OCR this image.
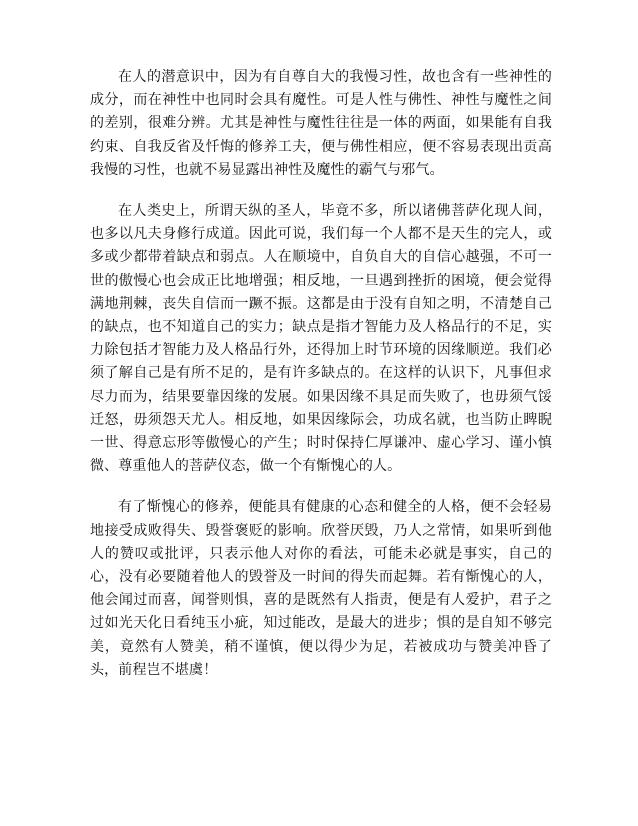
在人的潜意识中，因为有自尊自大的我慢习性，故也含有一些神性的成分，而在神性中也同时会具有魔性。可是人性与佛性、神性与魔性之间的差别，很难分辨。尤其是神性与魔性往往是一体的两面，如果能有自我约束、自我反省及忏悔的修养工夫，便与佛性相应，便不容易表现出贡高我慢的习性，也就不易显露出神性及魔性的霸气与邪气。

在人类史上，所谓天纵的圣人，毕竟不多，所以诸佛菩萨化现人间，也多以凡夫身修行成道。因此可说，我们每一个人都不是天生的完人，或多或少都带着缺点和弱点。人在顺境中，自负自大的自信心越强，不可一世的傲慢心也会成正比地增强；相反地，一旦遇到挫折的困境，便会觉得满地荆棘，丧失自信而一蹶不振。这都是由于没有自知之明，不清楚自己的缺点，也不知道自己的实力；缺点是指才智能力及人格品行的不足，实力除包括才智能力及人格品行外，还得加上时节环境的因缘顺逆。我们必须了解自己是有所不足的，是有许多缺点的。在这样的认识下，凡事但求尽力而为，结果要靠因缘的发展。如果因缘不具足而失败了，也毋须气馁迁怒，毋须怨天尤人。相反地，如果因缘际会，功成名就，也当防止睥睨一世、得意忘形等傲慢心的产生；时时保持仁厚谦冲、虚心学习、谨小慎微、尊重他人的菩萨仪态，做一个有惭愧心的人。

有了惭愧心的修养，便能具有健康的心态和健全的人格，便不会轻易地接受成败得失、毁誉褒贬的影响。欣誉厌毁，乃人之常情，如果听到他人的赞叹或批评，只表示他人对你的看法，可能未必就是事实，自己的心，没有必要随着他人的毁誉及一时间的得失而起舞。若有惭愧心的人，他会闻过而喜，闻誉则惧，喜的是既然有人指责，便是有人爱护，君子之过如光天化日看纯玉小疵，知过能改，是最大的进步；惧的是自知不够完美，竟然有人赞美，稍不谨慎，便以得少为足，若被成功与赞美冲昏了头，前程岂不堪虞！
